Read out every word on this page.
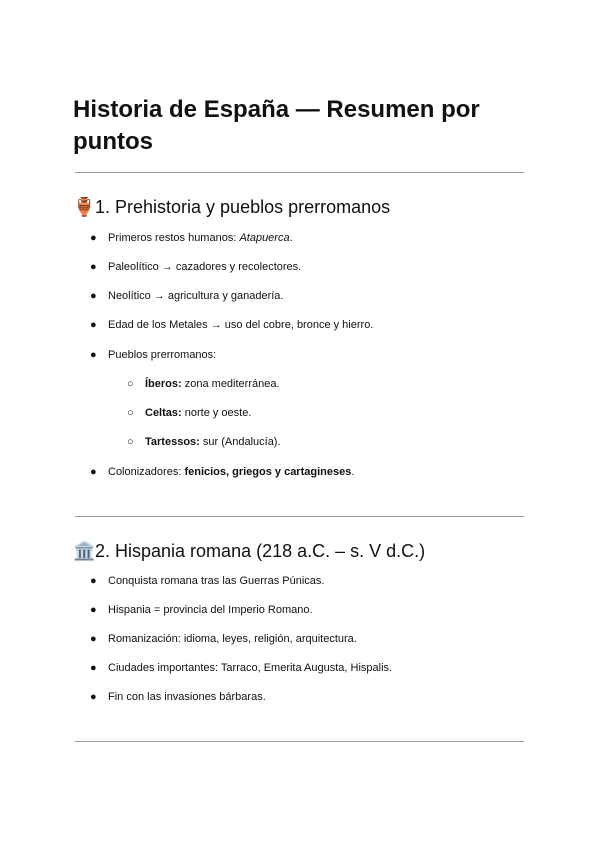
Historia de España — Resumen por puntos
🏺1. Prehistoria y pueblos prerromanos
● Primeros restos humanos: Atapuerca.
● Paleolítico → cazadores y recolectores.
● Neolítico → agricultura y ganadería.
● Edad de los Metales → uso del cobre, bronce y hierro.
● Pueblos prerromanos:
○ Íberos: zona mediterránea.
○ Celtas: norte y oeste.
○ Tartessos: sur (Andalucía).
● Colonizadores: fenicios, griegos y cartagineses.
🏛️2. Hispania romana (218 a.C. – s. V d.C.)
● Conquista romana tras las Guerras Púnicas.
● Hispania = provincia del Imperio Romano.
● Romanización: idioma, leyes, religión, arquitectura.
● Ciudades importantes: Tarraco, Emerita Augusta, Hispalis.
● Fin con las invasiones bárbaras.
